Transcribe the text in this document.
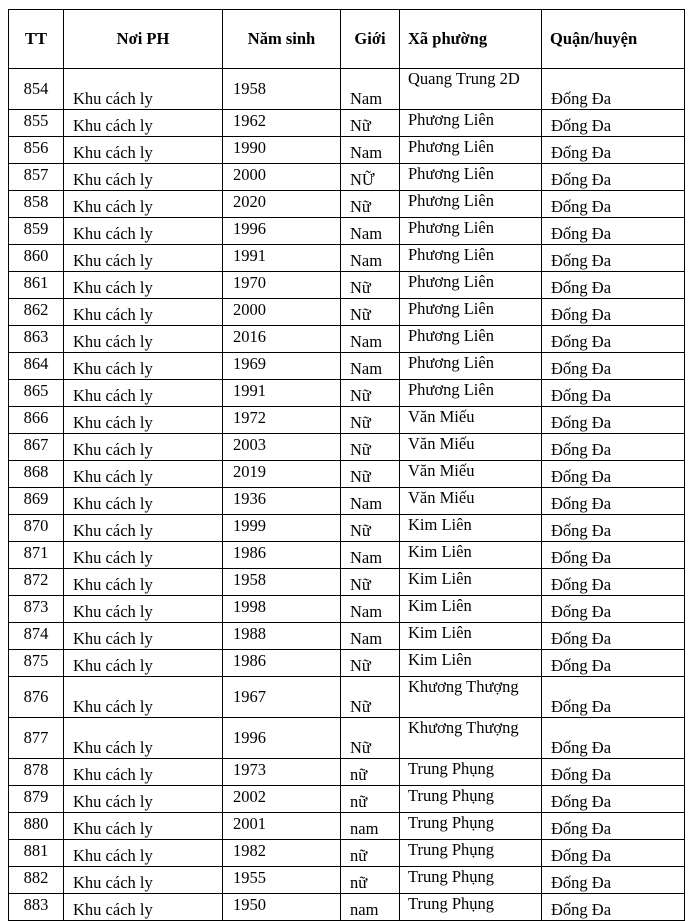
TT	Nơi PH	Năm sinh	Giới	Xã phường	Quận/huyện
854	Khu cách ly	1958	Nam	Quang Trung 2D	Đống Đa
855	Khu cách ly	1962	Nữ	Phương Liên	Đống Đa
856	Khu cách ly	1990	Nam	Phương Liên	Đống Đa
857	Khu cách ly	2000	NỮ	Phương Liên	Đống Đa
858	Khu cách ly	2020	Nữ	Phương Liên	Đống Đa
859	Khu cách ly	1996	Nam	Phương Liên	Đống Đa
860	Khu cách ly	1991	Nam	Phương Liên	Đống Đa
861	Khu cách ly	1970	Nữ	Phương Liên	Đống Đa
862	Khu cách ly	2000	Nữ	Phương Liên	Đống Đa
863	Khu cách ly	2016	Nam	Phương Liên	Đống Đa
864	Khu cách ly	1969	Nam	Phương Liên	Đống Đa
865	Khu cách ly	1991	Nữ	Phương Liên	Đống Đa
866	Khu cách ly	1972	Nữ	Văn Miếu	Đống Đa
867	Khu cách ly	2003	Nữ	Văn Miếu	Đống Đa
868	Khu cách ly	2019	Nữ	Văn Miếu	Đống Đa
869	Khu cách ly	1936	Nam	Văn Miếu	Đống Đa
870	Khu cách ly	1999	Nữ	Kim Liên	Đống Đa
871	Khu cách ly	1986	Nam	Kim Liên	Đống Đa
872	Khu cách ly	1958	Nữ	Kim Liên	Đống Đa
873	Khu cách ly	1998	Nam	Kim Liên	Đống Đa
874	Khu cách ly	1988	Nam	Kim Liên	Đống Đa
875	Khu cách ly	1986	Nữ	Kim Liên	Đống Đa
876	Khu cách ly	1967	Nữ	Khương Thượng	Đống Đa
877	Khu cách ly	1996	Nữ	Khương Thượng	Đống Đa
878	Khu cách ly	1973	nữ	Trung Phụng	Đống Đa
879	Khu cách ly	2002	nữ	Trung Phụng	Đống Đa
880	Khu cách ly	2001	nam	Trung Phụng	Đống Đa
881	Khu cách ly	1982	nữ	Trung Phụng	Đống Đa
882	Khu cách ly	1955	nữ	Trung Phụng	Đống Đa
883	Khu cách ly	1950	nam	Trung Phụng	Đống Đa
